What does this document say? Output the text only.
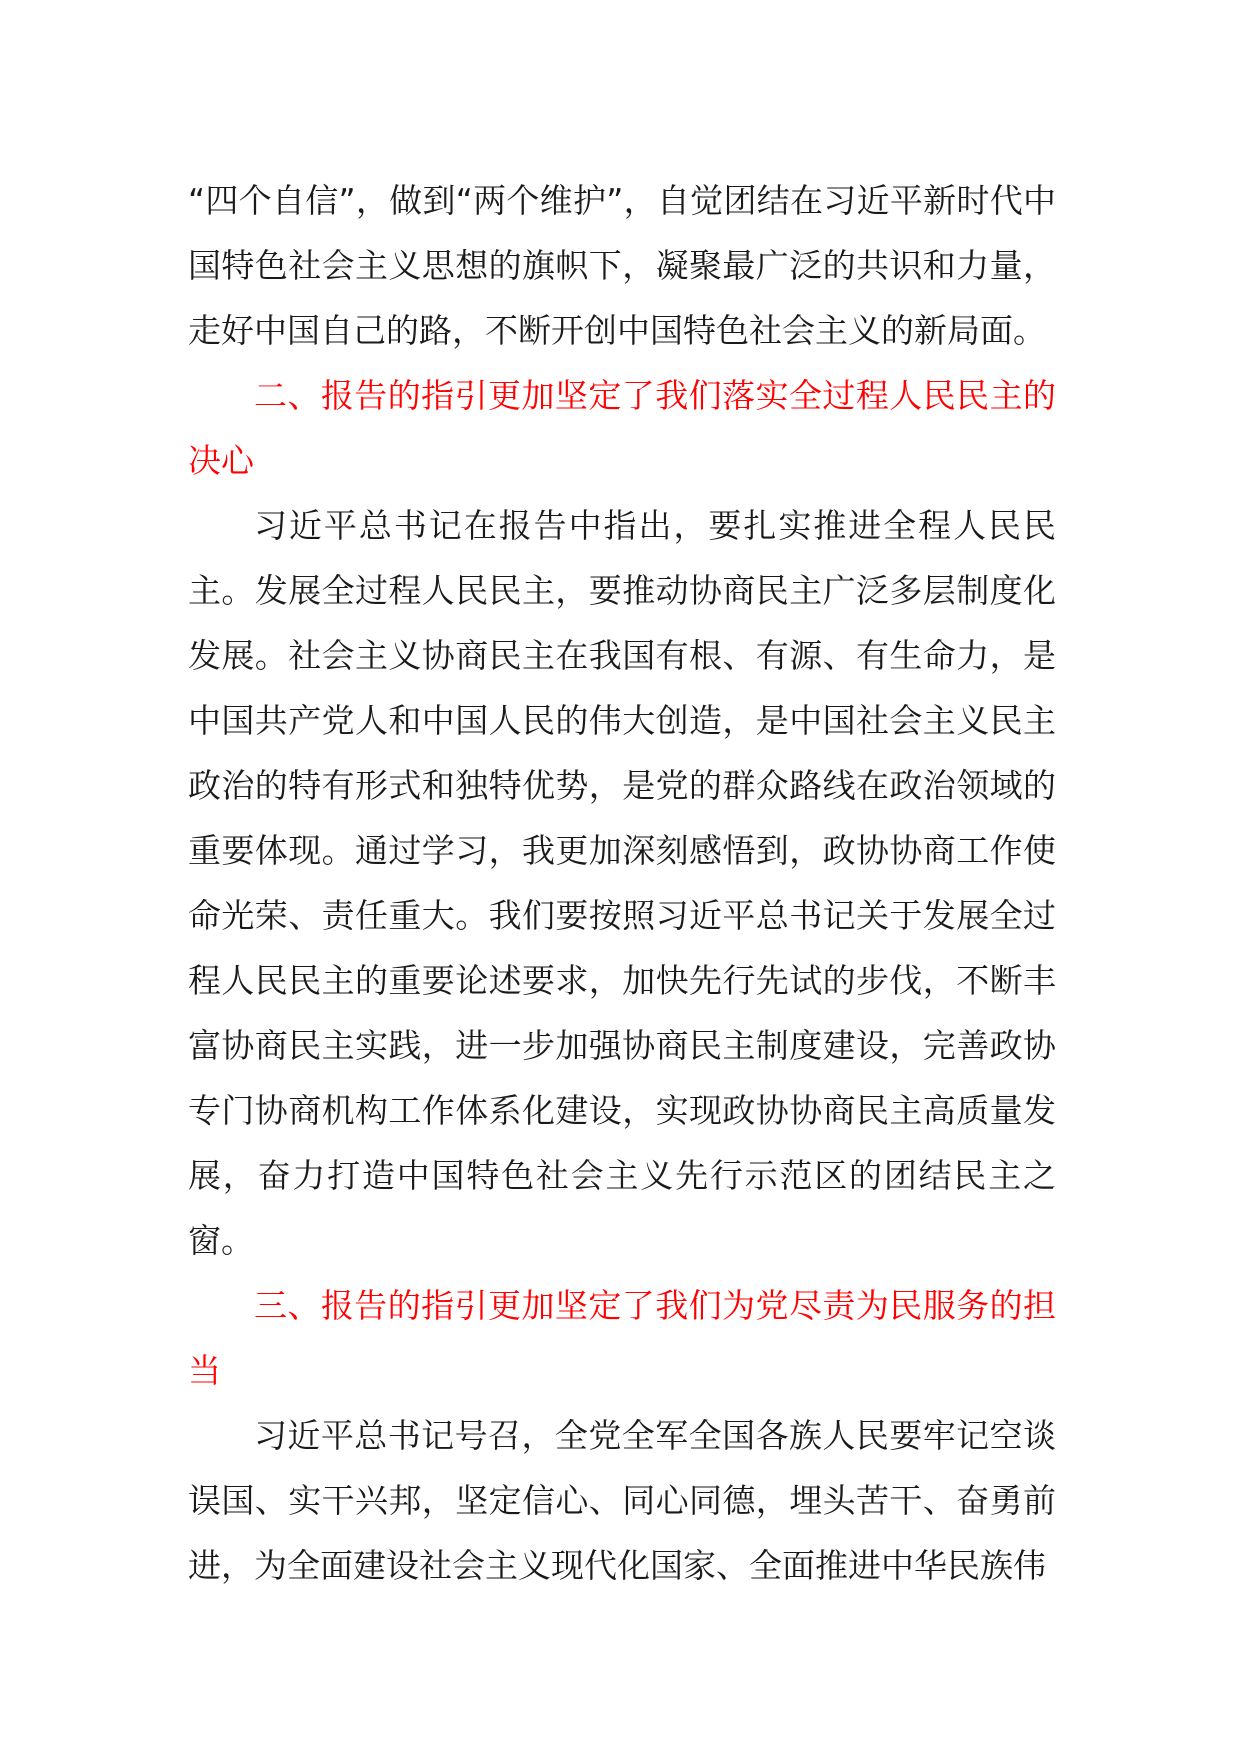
“四个自信”，做到“两个维护”，自觉团结在习近平新时代中国特色社会主义思想的旗帜下，凝聚最广泛的共识和力量，走好中国自己的路，不断开创中国特色社会主义的新局面。

二、报告的指引更加坚定了我们落实全过程人民民主的决心

习近平总书记在报告中指出，要扎实推进全程人民民主。发展全过程人民民主，要推动协商民主广泛多层制度化发展。社会主义协商民主在我国有根、有源、有生命力，是中国共产党人和中国人民的伟大创造，是中国社会主义民主政治的特有形式和独特优势，是党的群众路线在政治领域的重要体现。通过学习，我更加深刻感悟到，政协协商工作使命光荣、责任重大。我们要按照习近平总书记关于发展全过程人民民主的重要论述要求，加快先行先试的步伐，不断丰富协商民主实践，进一步加强协商民主制度建设，完善政协专门协商机构工作体系化建设，实现政协协商民主高质量发展，奋力打造中国特色社会主义先行示范区的团结民主之窗。

三、报告的指引更加坚定了我们为党尽责为民服务的担当

习近平总书记号召，全党全军全国各族人民要牢记空谈误国、实干兴邦，坚定信心、同心同德，埋头苦干、奋勇前进，为全面建设社会主义现代化国家、全面推进中华民族伟
